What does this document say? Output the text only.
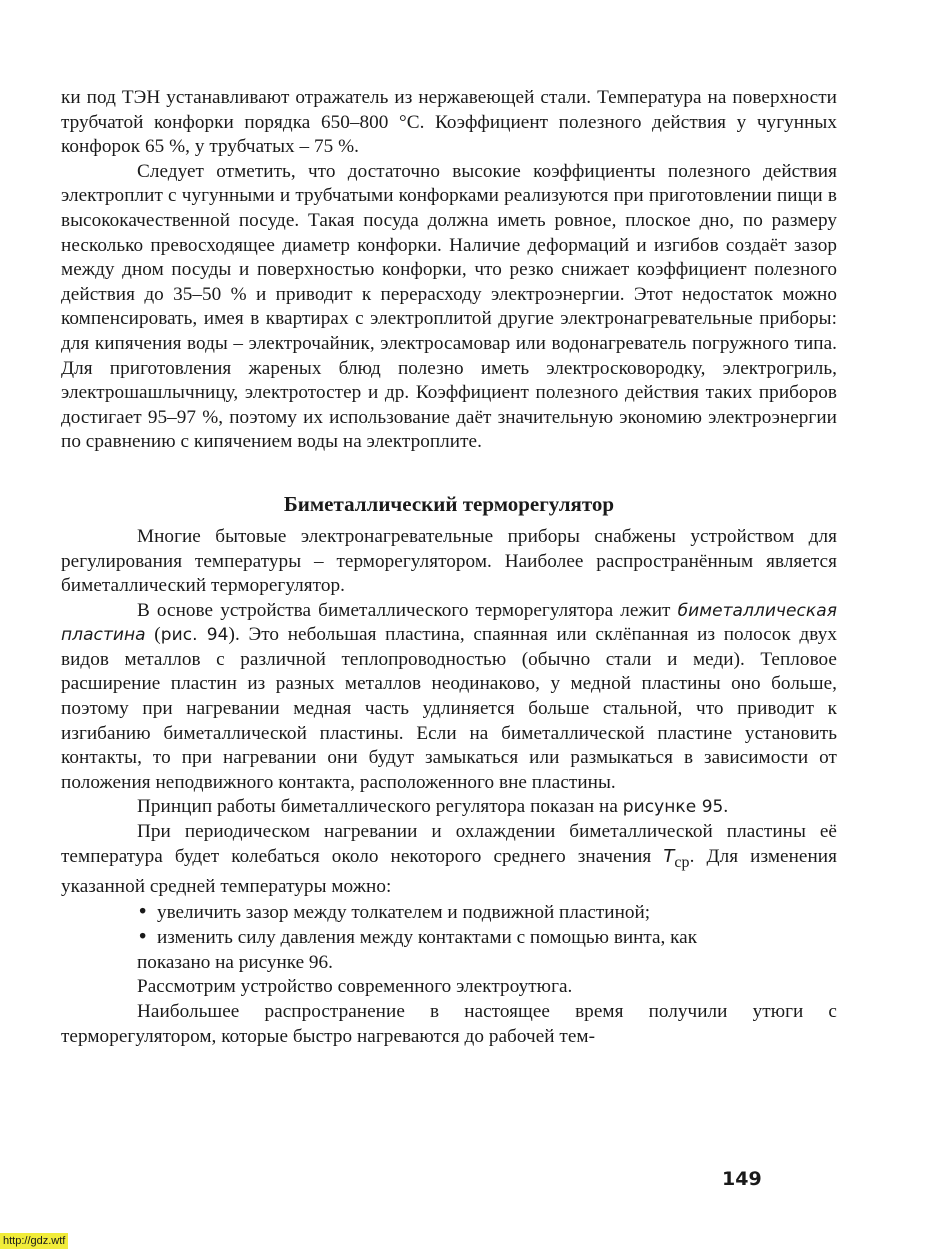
ки под ТЭН устанавливают отражатель из нержавеющей стали. Температура на поверхности трубчатой конфорки порядка 650–800 °С. Коэффициент полезного действия у чугунных конфорок 65 %, у трубчатых – 75 %.

Следует отметить, что достаточно высокие коэффициенты полезного действия электроплит с чугунными и трубчатыми конфорками реализуются при приготовлении пищи в высококачественной посуде. Такая посуда должна иметь ровное, плоское дно, по размеру несколько превосходящее диаметр конфорки. Наличие деформаций и изгибов создаёт зазор между дном посуды и поверхностью конфорки, что резко снижает коэффициент полезного действия до 35–50 % и приводит к перерасходу электроэнергии. Этот недостаток можно компенсировать, имея в квартирах с электроплитой другие электронагревательные приборы: для кипячения воды – электрочайник, электросамовар или водонагреватель погружного типа. Для приготовления жареных блюд полезно иметь электросковородку, электрогриль, электрошашлычницу, электротостер и др. Коэффициент полезного действия таких приборов достигает 95–97 %, поэтому их использование даёт значительную экономию электроэнергии по сравнению с кипячением воды на электроплите.

Биметаллический терморегулятор

Многие бытовые электронагревательные приборы снабжены устройством для регулирования температуры – терморегулятором. Наиболее распространённым является биметаллический терморегулятор.

В основе устройства биметаллического терморегулятора лежит биметаллическая пластина (рис. 94). Это небольшая пластина, спаянная или склёпанная из полосок двух видов металлов с различной теплопроводностью (обычно стали и меди). Тепловое расширение пластин из разных металлов неодинаково, у медной пластины оно больше, поэтому при нагревании медная часть удлиняется больше стальной, что приводит к изгибанию биметаллической пластины. Если на биметаллической пластине установить контакты, то при нагревании они будут замыкаться или размыкаться в зависимости от положения неподвижного контакта, расположенного вне пластины.

Принцип работы биметаллического регулятора показан на рисунке 95.

При периодическом нагревании и охлаждении биметаллической пластины её температура будет колебаться около некоторого среднего значения $T_{ср}$. Для изменения указанной средней температуры можно:

• увеличить зазор между толкателем и подвижной пластиной;

• изменить силу давления между контактами с помощью винта, как

показано на рисунке 96.

Рассмотрим устройство современного электроутюга.

Наибольшее распространение в настоящее время получили утюги с терморегулятором, которые быстро нагреваются до рабочей тем-

149
http://gdz.wtf
